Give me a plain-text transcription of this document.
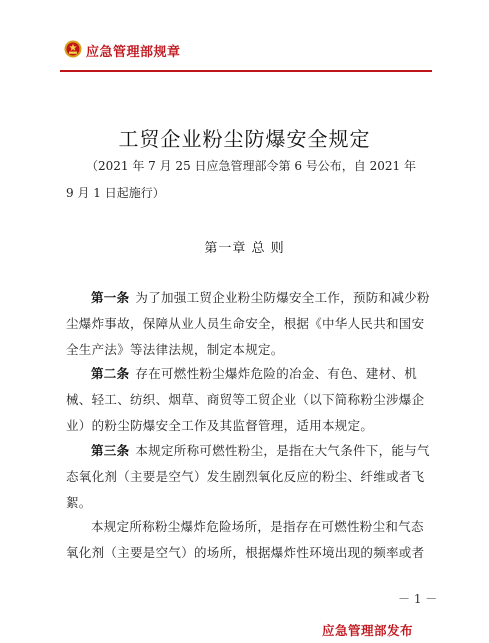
应急管理部规章
工贸企业粉尘防爆安全规定
（2021 年 7 月 25 日应急管理部令第 6 号公布，自 2021 年 9 月 1 日起施行）
第一章 总 则
第一条 为了加强工贸企业粉尘防爆安全工作，预防和减少粉尘爆炸事故，保障从业人员生命安全，根据《中华人民共和国安全生产法》等法律法规，制定本规定。
第二条 存在可燃性粉尘爆炸危险的冶金、有色、建材、机械、轻工、纺织、烟草、商贸等工贸企业（以下简称粉尘涉爆企业）的粉尘防爆安全工作及其监督管理，适用本规定。
第三条 本规定所称可燃性粉尘，是指在大气条件下，能与气态氧化剂（主要是空气）发生剧烈氧化反应的粉尘、纤维或者飞絮。
本规定所称粉尘爆炸危险场所，是指存在可燃性粉尘和气态氧化剂（主要是空气）的场所，根据爆炸性环境出现的频率或者
－ 1 －
应急管理部发布
